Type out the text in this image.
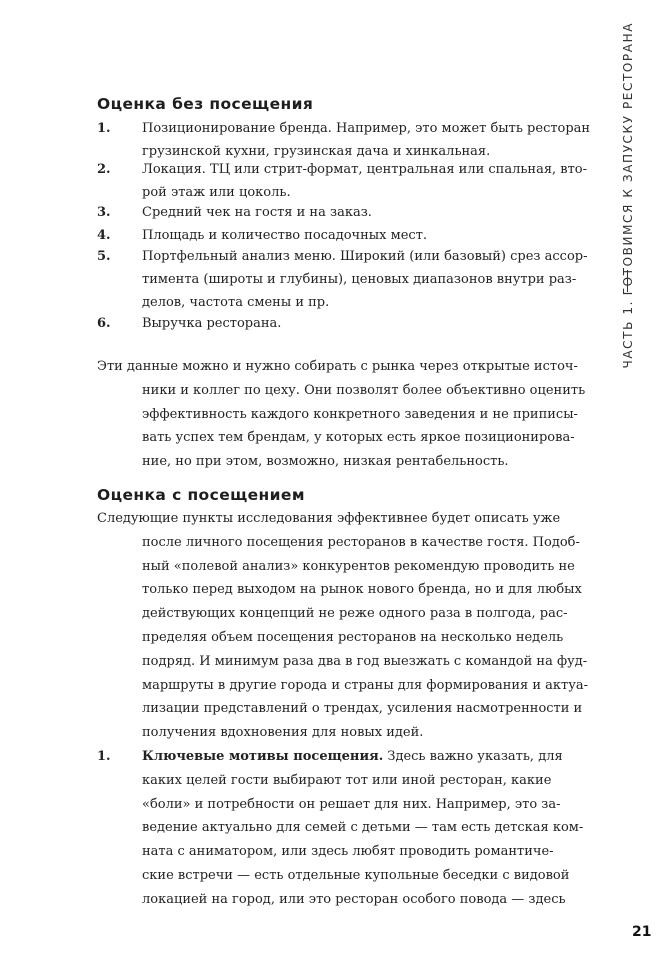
ЧАСТЬ 1.
ГОТОВИМСЯ К ЗАПУСКУ РЕСТОРАНА
Оценка без посещения
1. Позиционирование бренда. Например, это может быть ресторан
грузинской кухни, грузинская дача и хинкальная.
2. Локация. ТЦ или стрит-формат, центральная или спальная, вто-
рой этаж или цоколь.
3. Средний чек на гостя и на заказ.
4. Площадь и количество посадочных мест.
5. Портфельный анализ меню. Широкий (или базовый) срез ассор-
тимента (широты и глубины), ценовых диапазонов внутри раз-
делов, частота смены и пр.
6. Выручка ресторана.
Эти данные можно и нужно собирать с рынка через открытые источ-
ники и коллег по цеху. Они позволят более объективно оценить
эффективность каждого конкретного заведения и не приписы-
вать успех тем брендам, у которых есть яркое позиционирова-
ние, но при этом, возможно, низкая рентабельность.
Оценка с посещением
Следующие пункты исследования эффективнее будет описать уже
после личного посещения ресторанов в качестве гостя. Подоб-
ный «полевой анализ» конкурентов рекомендую проводить не
только перед выходом на рынок нового бренда, но и для любых
действующих концепций не реже одного раза в полгода, рас-
пределяя объем посещения ресторанов на несколько недель
подряд. И минимум раза два в год выезжать с командой на фуд-
маршруты в другие города и страны для формирования и актуа-
лизации представлений о трендах, усиления насмотренности и
получения вдохновения для новых идей.
1.	Ключевые мотивы посещения. Здесь важно указать, для
каких целей гости выбирают тот или иной ресторан, какие
«боли» и потребности он решает для них. Например, это за-
ведение актуально для семей с детьми — там есть детская ком-
ната с аниматором, или здесь любят проводить романтиче-
ские встречи — есть отдельные купольные беседки с видовой
локацией на город, или это ресторан особого повода — здесь
21
